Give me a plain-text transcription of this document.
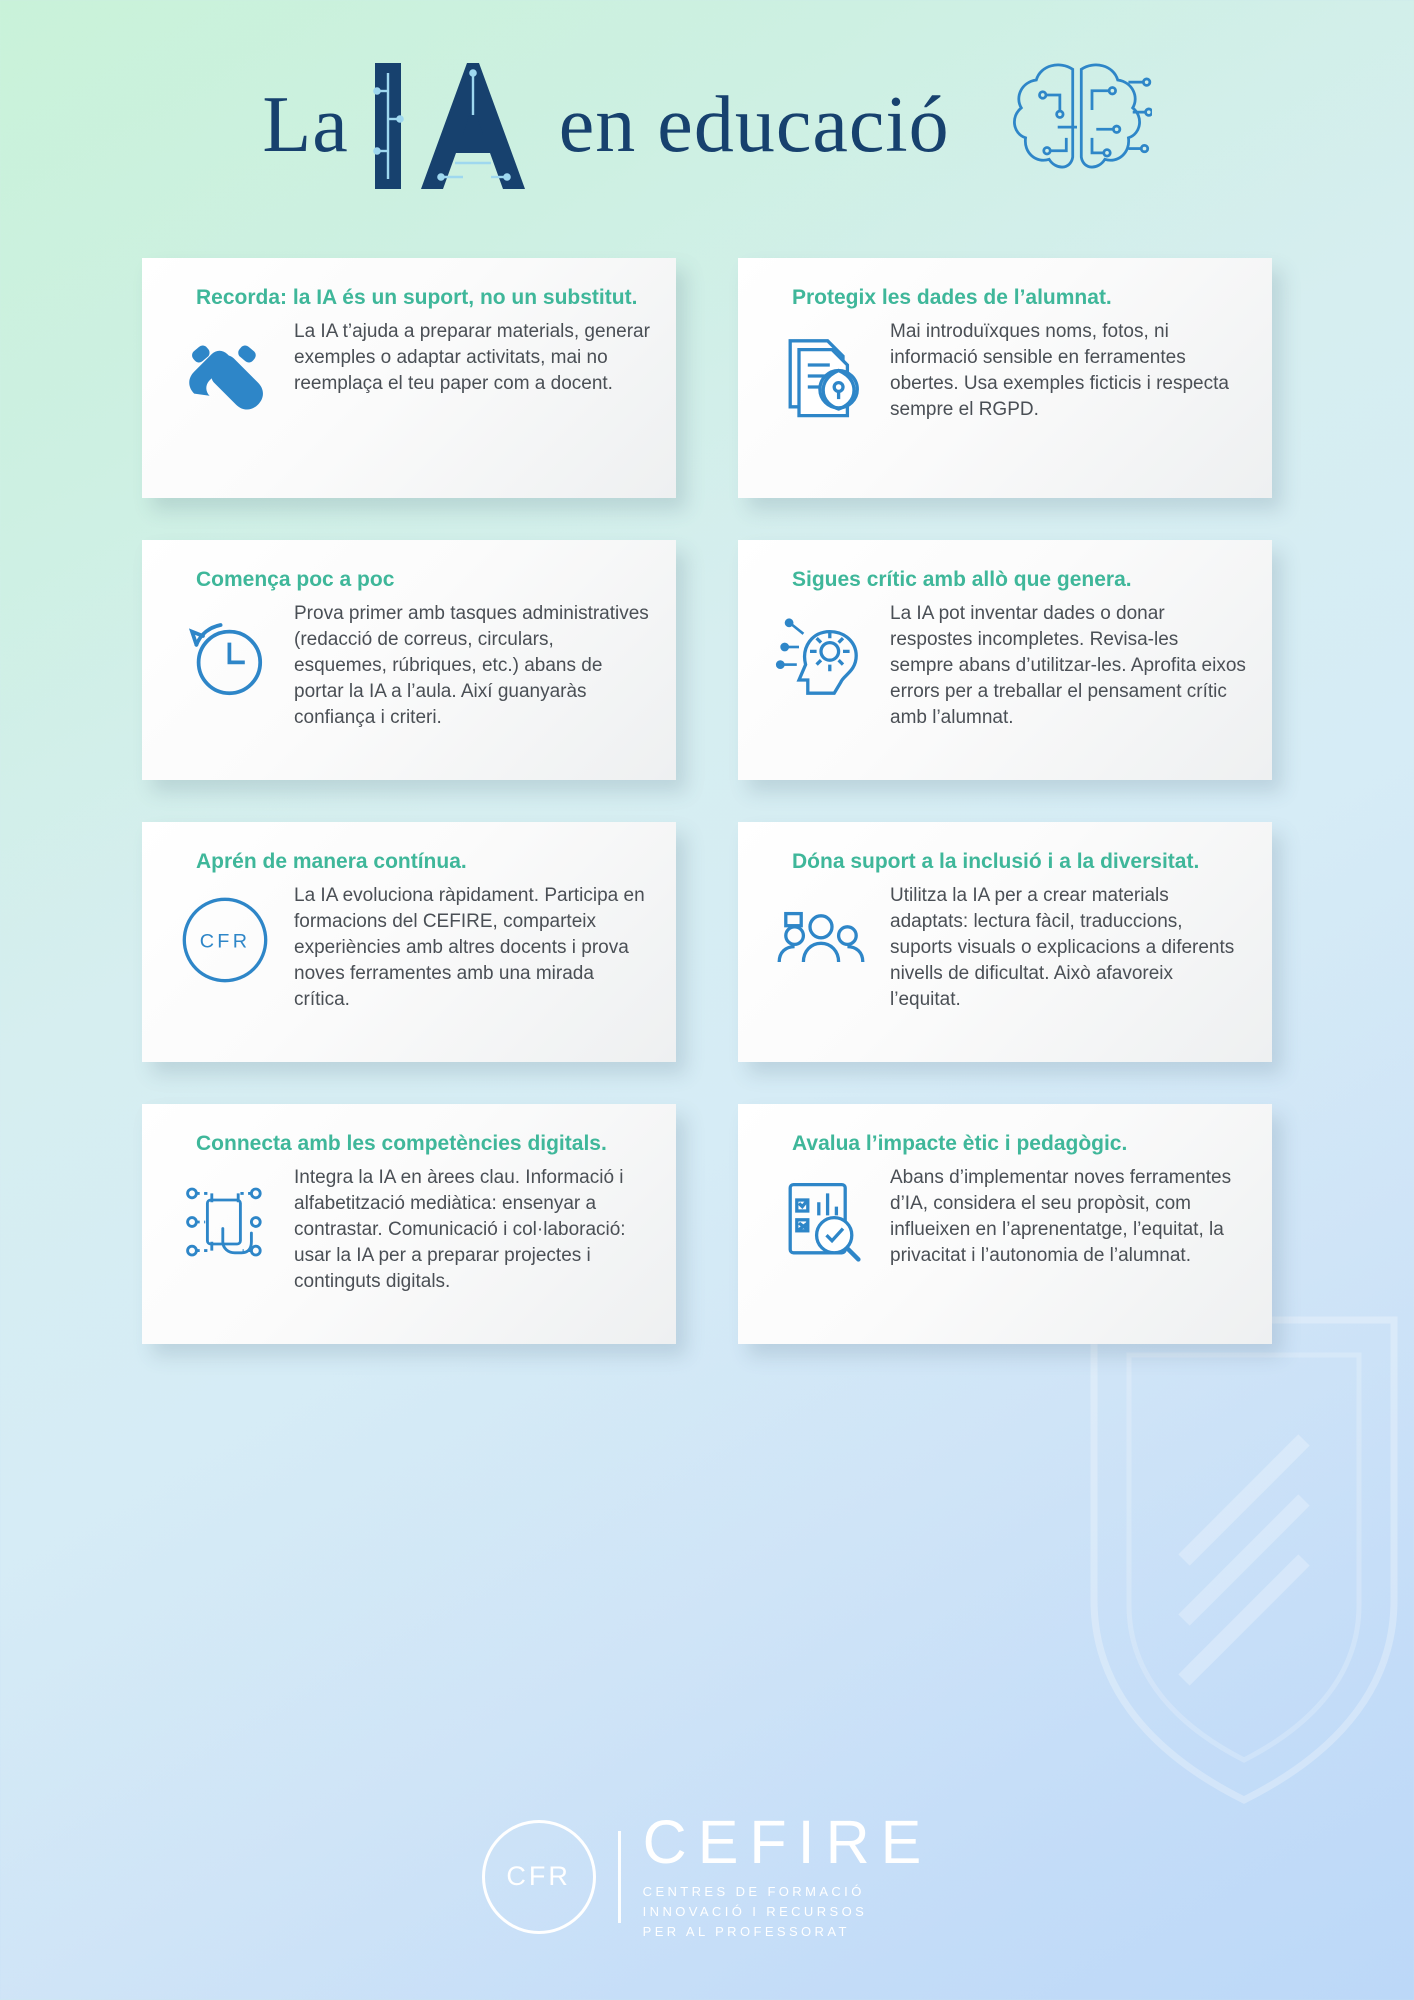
La	en educació
Recorda: la IA és un suport, no un substitut.
La IA t’ajuda a preparar materials, generar exemples o adaptar activitats, mai no reemplaça el teu paper com a docent.
Protegix les dades de l’alumnat.
Mai introduïxques noms, fotos, ni informació sensible en ferramentes obertes. Usa exemples ficticis i respecta sempre el RGPD.
Comença poc a poc
Prova primer amb tasques administratives (redacció de correus, circulars, esquemes, rúbriques, etc.) abans de portar la IA a l’aula. Així guanyaràs confiança i criteri.
Sigues crític amb allò que genera.
La IA pot inventar dades o donar respostes incompletes. Revisa-les sempre abans d’utilitzar-les. Aprofita eixos errors per a treballar el pensament crític amb l’alumnat.
Aprén de manera contínua.
CFR
La IA evoluciona ràpidament. Participa en formacions del CEFIRE, comparteix experiències amb altres docents i prova noves ferramentes amb una mirada crítica.
Dóna suport a la inclusió i a la diversitat.
Utilitza la IA per a crear materials adaptats: lectura fàcil, traduccions, suports visuals o explicacions a diferents nivells de dificultat. Això afavoreix l’equitat.
Connecta amb les competències digitals.
Integra la IA en àrees clau. Informació i alfabetització mediàtica: ensenyar a contrastar. Comunicació i col·laboració: usar la IA per a preparar projectes i continguts digitals.
Avalua l’impacte ètic i pedagògic.
Abans d’implementar noves ferramentes d’IA, considera el seu propòsit, com influeixen en l’aprenentatge, l’equitat, la privacitat i l’autonomia de l’alumnat.
CFR
CEFIRE
CENTRES DE FORMACIÓ
INNOVACIÓ I RECURSOS
PER AL PROFESSORAT
